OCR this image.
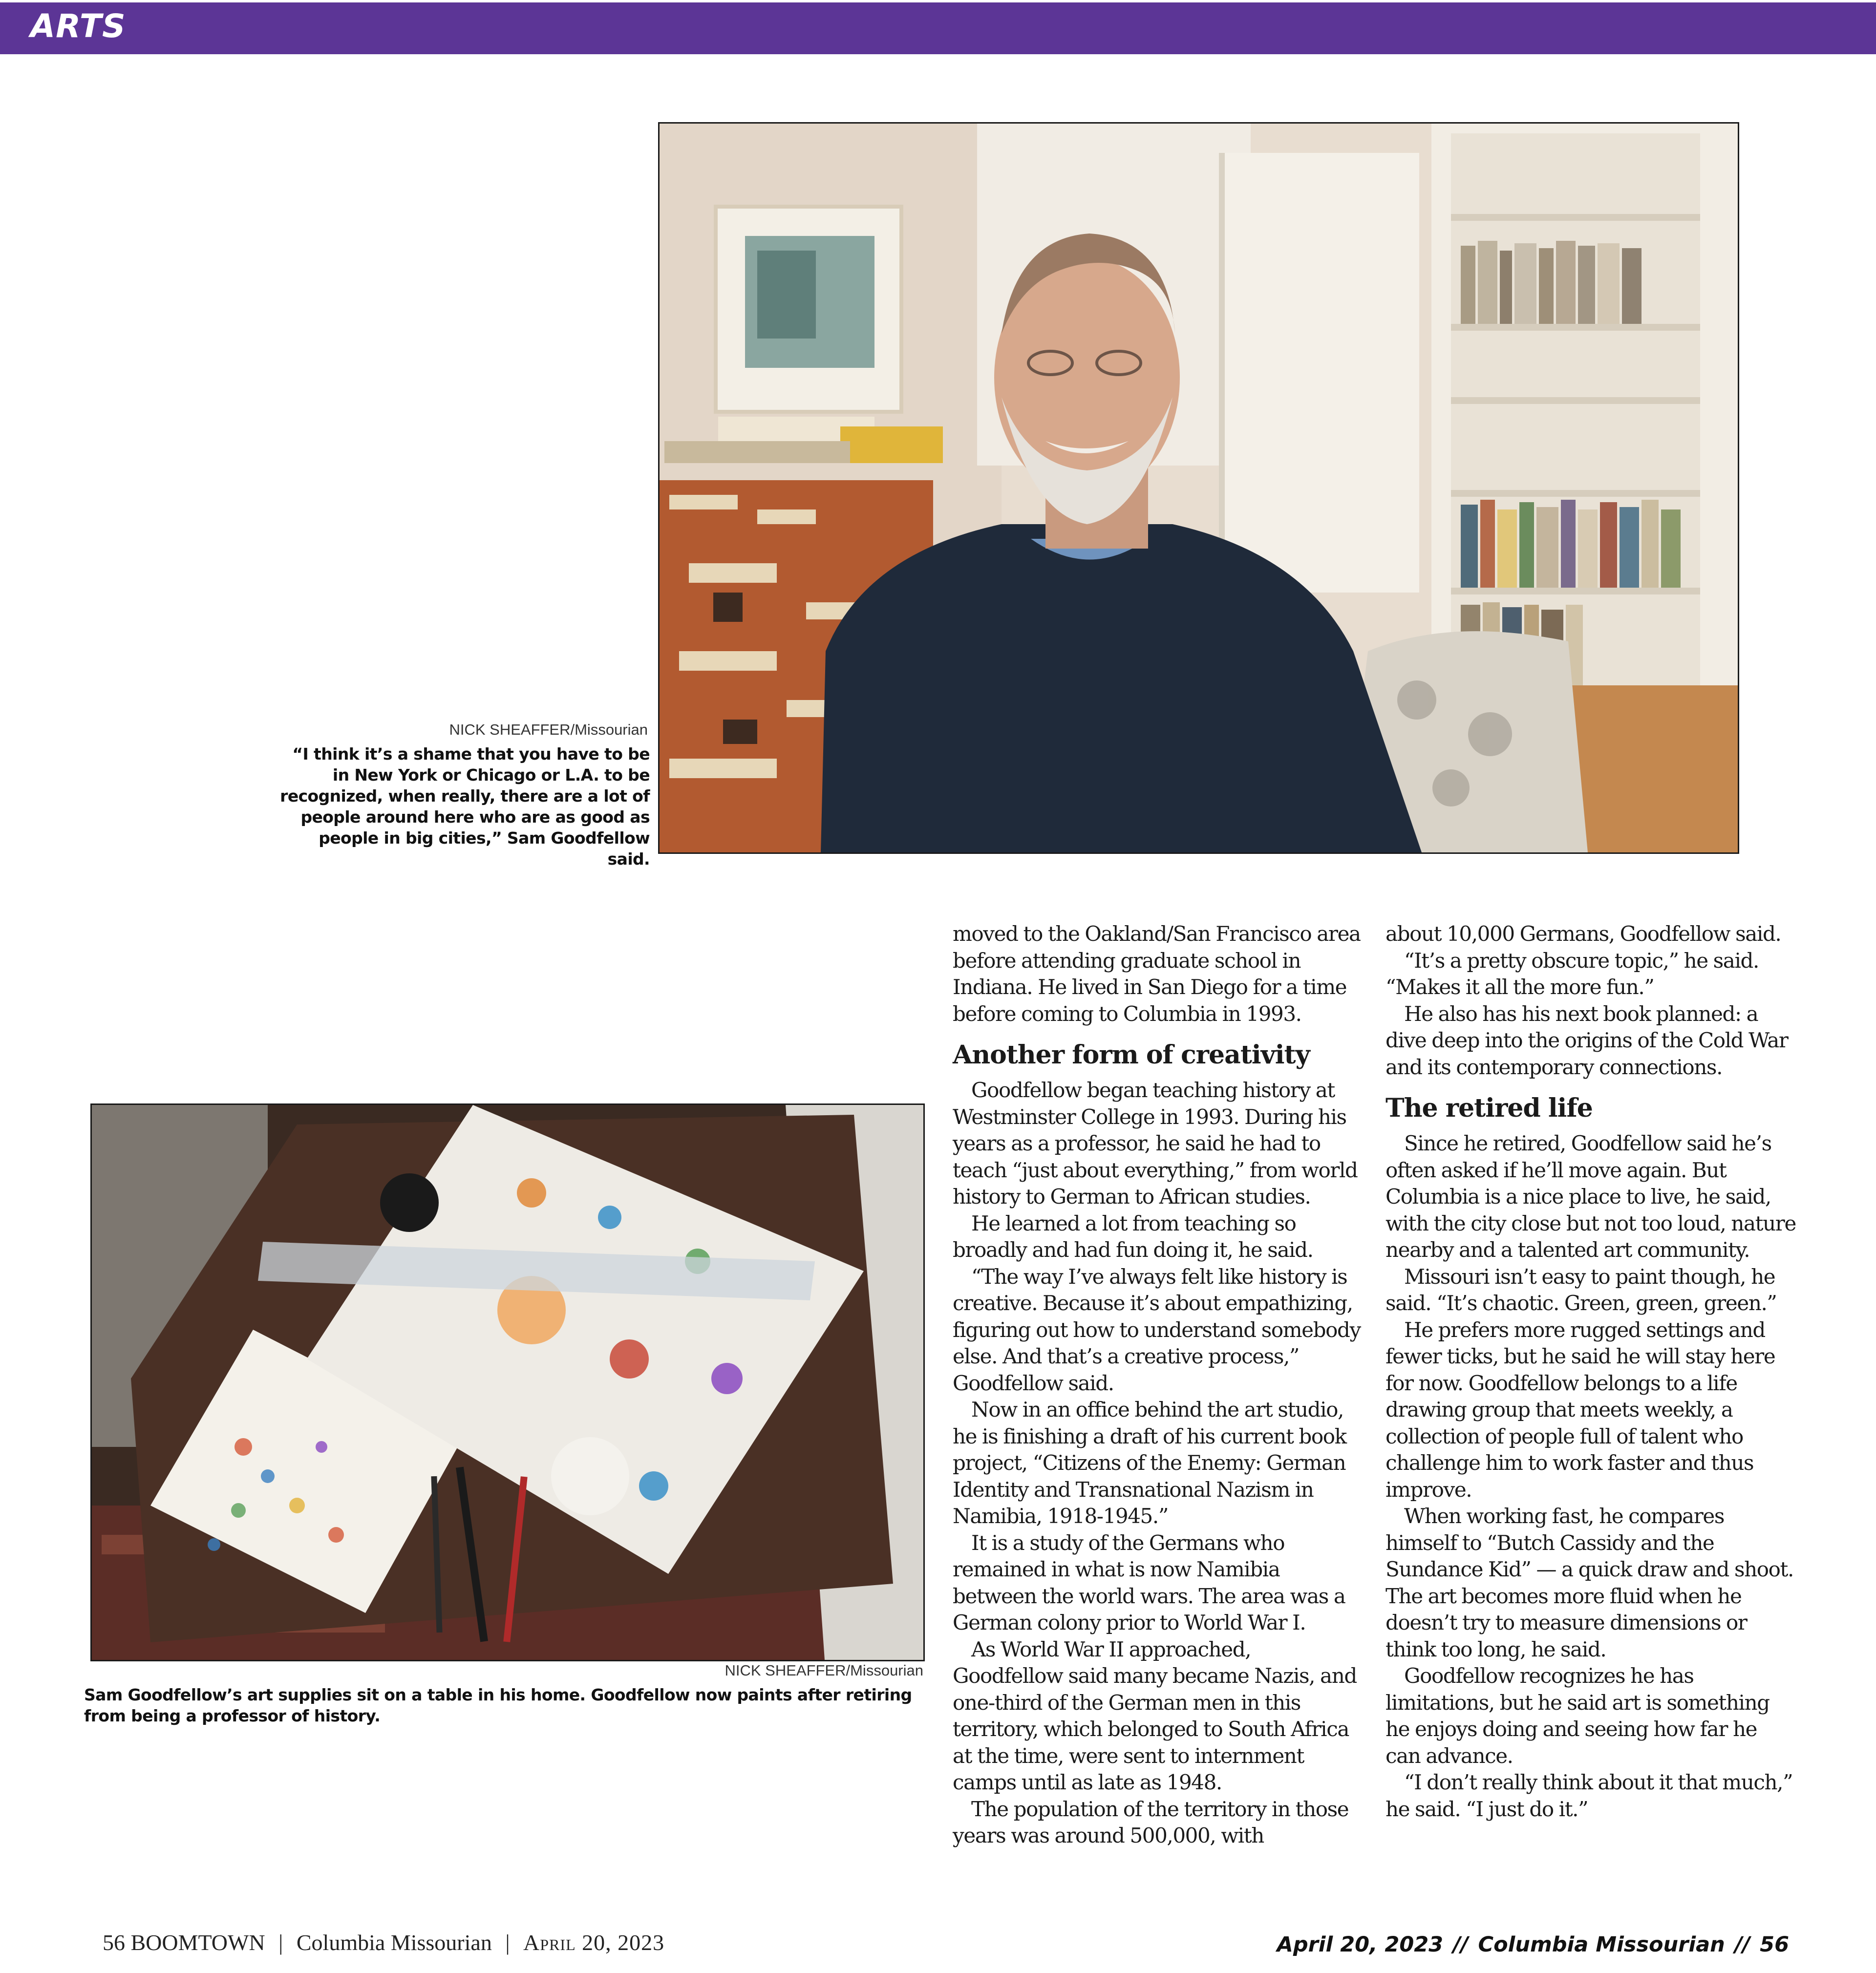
ARTS
NICK SHEAFFER/Missourian
“I think it’s a shame that you have to be in New York or Chicago or L.A. to be recognized, when really, there are a lot of people around here who are as good as people in big cities,” Sam Goodfellow said.
NICK SHEAFFER/Missourian
Sam Goodfellow’s art supplies sit on a table in his home. Goodfellow now paints after retiring from being a professor of history.

moved to the Oakland/San Francisco area before attending graduate school in Indiana. He lived in San Diego for a time before coming to Columbia in 1993.

Another form of creativity

Goodfellow began teaching history at Westminster College in 1993. During his years as a professor, he said he had to teach “just about everything,” from world history to German to African studies.

He learned a lot from teaching so broadly and had fun doing it, he said.

“The way I’ve always felt like history is creative. Because it’s about empathizing, figuring out how to understand somebody else. And that’s a creative process,” Goodfellow said.

Now in an office behind the art studio, he is finishing a draft of his current book project, “Citizens of the Enemy: German Identity and Transnational Nazism in Namibia, 1918-1945.”

It is a study of the Germans who remained in what is now Namibia between the world wars. The area was a German colony prior to World War I.

As World War II approached, Goodfellow said many became Nazis, and one-third of the German men in this territory, which belonged to South Africa at the time, were sent to internment camps until as late as 1948.

The population of the territory in those years was around 500,000, with

about 10,000 Germans, Goodfellow said.

“It’s a pretty obscure topic,” he said. “Makes it all the more fun.”

He also has his next book planned: a dive deep into the origins of the Cold War and its contemporary connections.

The retired life

Since he retired, Goodfellow said he’s often asked if he’ll move again. But Columbia is a nice place to live, he said, with the city close but not too loud, nature nearby and a talented art community.

Missouri isn’t easy to paint though, he said. “It’s chaotic. Green, green, green.”

He prefers more rugged settings and fewer ticks, but he said he will stay here for now. Goodfellow belongs to a life drawing group that meets weekly, a collection of people full of talent who challenge him to work faster and thus improve.

When working fast, he compares himself to “Butch Cassidy and the Sundance Kid” — a quick draw and shoot. The art becomes more fluid when he doesn’t try to measure dimensions or think too long, he said.

Goodfellow recognizes he has limitations, but he said art is something he enjoys doing and seeing how far he can advance.

“I don’t really think about it that much,” he said. “I just do it.”

56 BOOMTOWN | Columbia Missourian | April 20, 2023	April 20, 2023 // Columbia Missourian // 56
